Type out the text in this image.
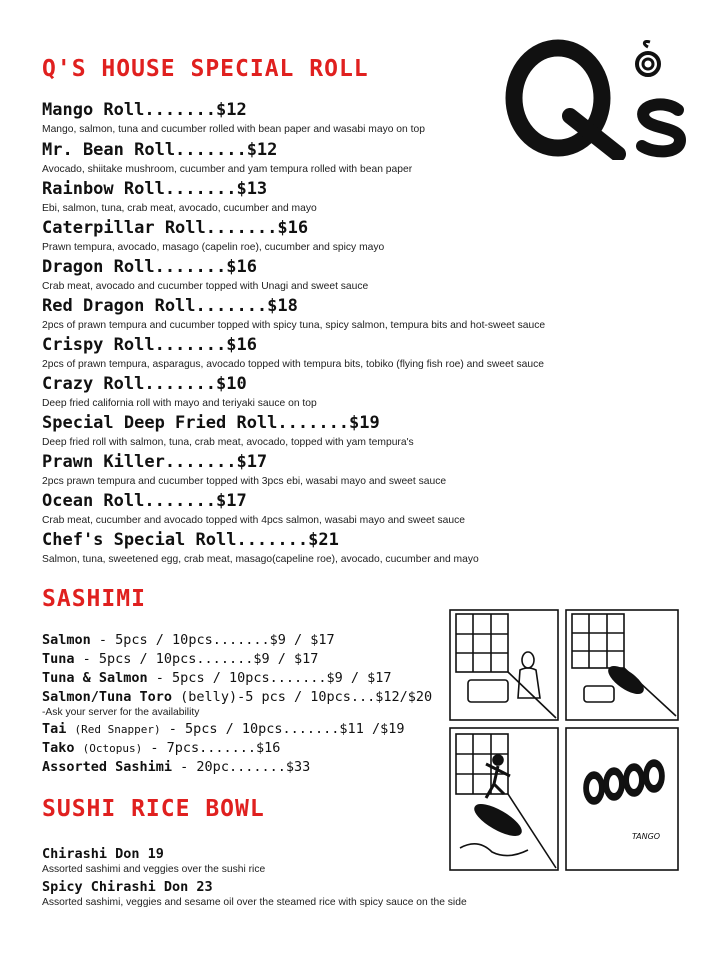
Q'S HOUSE SPECIAL ROLL
Mango Roll.......$12
Mango, salmon, tuna and cucumber rolled with bean paper and wasabi mayo on top
Mr. Bean Roll.......$12
Avocado, shiitake mushroom, cucumber and yam tempura rolled with bean paper
Rainbow Roll.......$13
Ebi, salmon, tuna, crab meat, avocado, cucumber and mayo
Caterpillar Roll.......$16
Prawn tempura, avocado, masago (capelin roe), cucumber and spicy mayo
Dragon Roll.......$16
Crab meat, avocado and cucumber topped with Unagi and sweet sauce
Red Dragon Roll.......$18
2pcs of prawn tempura and cucumber topped with spicy tuna, spicy salmon, tempura bits and hot-sweet sauce
Crispy Roll.......$16
2pcs of prawn tempura, asparagus, avocado topped with tempura bits, tobiko (flying fish roe) and sweet sauce
Crazy Roll.......$10
Deep fried california roll with mayo and teriyaki sauce on top
Special Deep Fried Roll.......$19
Deep fried roll with salmon, tuna, crab meat, avocado, topped with yam tempura's
Prawn Killer.......$17
2pcs prawn tempura and cucumber topped with 3pcs ebi, wasabi mayo and sweet sauce
Ocean Roll.......$17
Crab meat, cucumber and avocado topped with 4pcs salmon, wasabi mayo and sweet sauce
Chef's Special Roll.......$21
Salmon, tuna, sweetened egg, crab meat, masago(capeline roe), avocado, cucumber and mayo
SASHIMI
Salmon - 5pcs / 10pcs.......$9 / $17
Tuna - 5pcs / 10pcs.......$9 / $17
Tuna & Salmon - 5pcs / 10pcs.......$9 / $17
Salmon/Tuna Toro (belly)-5 pcs / 10pcs...$12/$20
-Ask your server for the availability
Tai (Red Snapper) - 5pcs / 10pcs.......$11 /$19
Tako (Octopus) - 7pcs.......$16
Assorted Sashimi - 20pc.......$33
SUSHI RICE BOWL
Chirashi Don 19
Assorted sashimi and veggies over the sushi rice
Spicy Chirashi Don 23
Assorted sashimi, veggies and sesame oil over the steamed rice with spicy sauce on the side
TANGO
